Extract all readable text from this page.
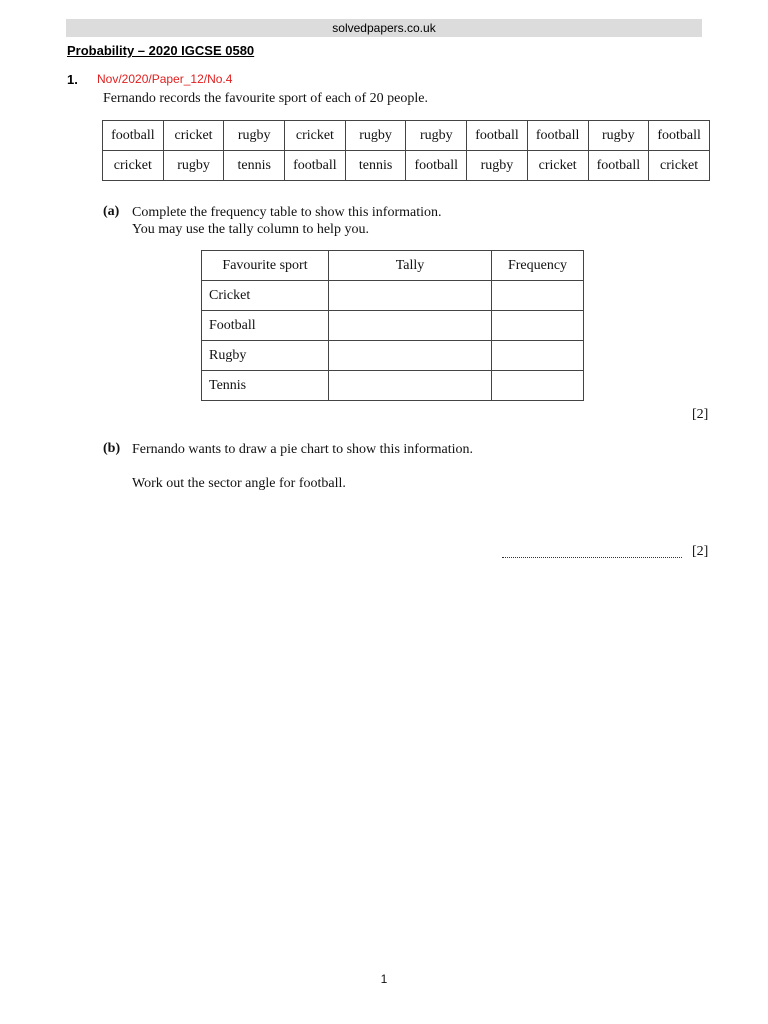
solvedpapers.co.uk
Probability – 2020 IGCSE 0580
1. Nov/2020/Paper_12/No.4
Fernando records the favourite sport of each of 20 people.
football	cricket	rugby	cricket	rugby	rugby	football	football	rugby	football
cricket	rugby	tennis	football	tennis	football	rugby	cricket	football	cricket
(a) Complete the frequency table to show this information.
You may use the tally column to help you.
Favourite sport	Tally	Frequency
Cricket		
Football		
Rugby		
Tennis		
[2]
(b) Fernando wants to draw a pie chart to show this information.
Work out the sector angle for football.
[2]
1
